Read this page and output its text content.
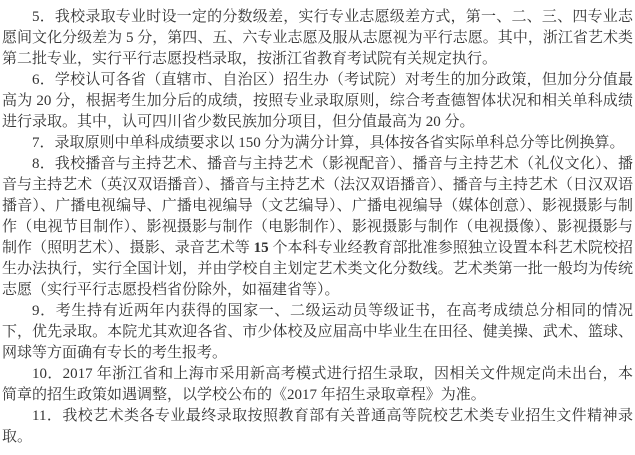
5．我校录取专业时设一定的分数级差，实行专业志愿级差方式，第一、二、三、四专业志愿间文化分级差为 5 分，第四、五、六专业志愿及服从志愿视为平行志愿。其中，浙江省艺术类第二批专业，实行平行志愿投档录取，按浙江省教育考试院有关规定执行。

6．学校认可各省（直辖市、自治区）招生办（考试院）对考生的加分政策，但加分分值最高为 20 分，根据考生加分后的成绩，按照专业录取原则，综合考查德智体状况和相关单科成绩进行录取。其中，认可四川省少数民族加分项目，但分值最高为 20 分。

7．录取原则中单科成绩要求以 150 分为满分计算，具体按各省实际单科总分等比例换算。

8．我校播音与主持艺术、播音与主持艺术（影视配音）、播音与主持艺术（礼仪文化）、播音与主持艺术（英汉双语播音）、播音与主持艺术（法汉双语播音）、播音与主持艺术（日汉双语播音）、广播电视编导、广播电视编导（文艺编导）、广播电视编导（媒体创意）、影视摄影与制作（电视节目制作）、影视摄影与制作（电影制作）、影视摄影与制作（电视摄像）、影视摄影与制作（照明艺术）、摄影、录音艺术等 15 个本科专业经教育部批准参照独立设置本科艺术院校招生办法执行，实行全国计划，并由学校自主划定艺术类文化分数线。艺术类第一批一般均为传统志愿（实行平行志愿投档省份除外，如福建省等）。

9．考生持有近两年内获得的国家一、二级运动员等级证书，在高考成绩总分相同的情况下，优先录取。本院尤其欢迎各省、市少体校及应届高中毕业生在田径、健美操、武术、篮球、网球等方面确有专长的考生报考。

10．2017 年浙江省和上海市采用新高考模式进行招生录取，因相关文件规定尚未出台，本简章的招生政策如遇调整，以学校公布的《2017 年招生录取章程》为准。

11．我校艺术类各专业最终录取按照教育部有关普通高等院校艺术类专业招生文件精神录取。
